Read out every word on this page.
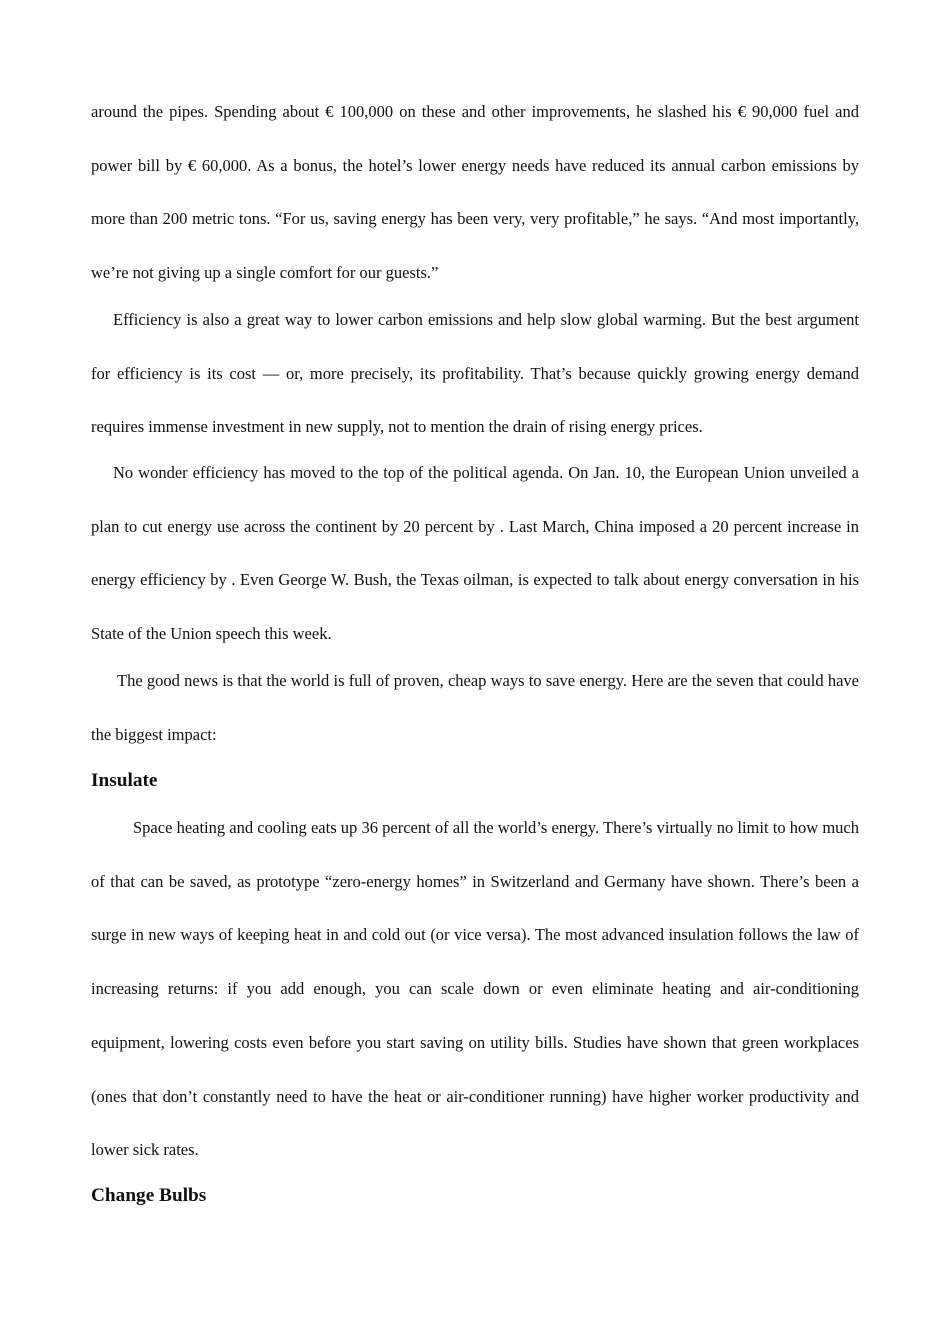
around the pipes. Spending about € 100,000 on these and other improvements, he slashed his € 90,000 fuel and power bill by € 60,000. As a bonus, the hotel’s lower energy needs have reduced its annual carbon emissions by more than 200 metric tons. “For us, saving energy has been very, very profitable,” he says. “And most importantly, we’re not giving up a single comfort for our guests.”

Efficiency is also a great way to lower carbon emissions and help slow global warming. But the best argument for efficiency is its cost — or, more precisely, its profitability. That’s because quickly growing energy demand requires immense investment in new supply, not to mention the drain of rising energy prices.

No wonder efficiency has moved to the top of the political agenda. On Jan. 10, the European Union unveiled a plan to cut energy use across the continent by 20 percent by . Last March, China imposed a 20 percent increase in energy efficiency by . Even George W. Bush, the Texas oilman, is expected to talk about energy conversation in his State of the Union speech this week.

The good news is that the world is full of proven, cheap ways to save energy. Here are the seven that could have the biggest impact:

Insulate

Space heating and cooling eats up 36 percent of all the world’s energy. There’s virtually no limit to how much of that can be saved, as prototype “zero-energy homes” in Switzerland and Germany have shown. There’s been a surge in new ways of keeping heat in and cold out (or vice versa). The most advanced insulation follows the law of increasing returns: if you add enough, you can scale down or even eliminate heating and air-conditioning equipment, lowering costs even before you start saving on utility bills. Studies have shown that green workplaces (ones that don’t constantly need to have the heat or air-conditioner running) have higher worker productivity and lower sick rates.

Change Bulbs
